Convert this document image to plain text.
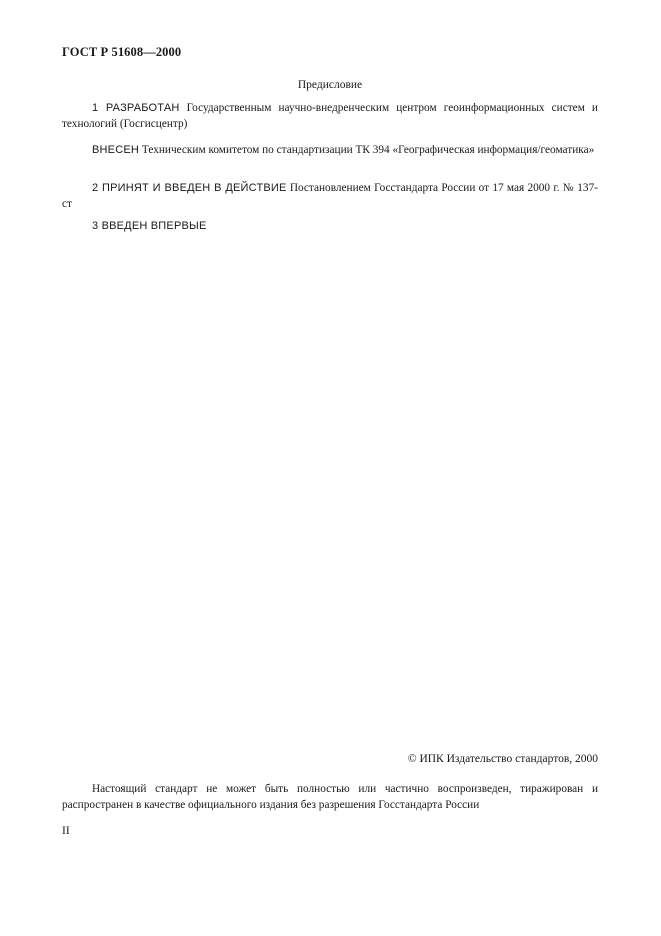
ГОСТ Р 51608—2000
Предисловие
1 РАЗРАБОТАН Государственным научно-внедренческим центром геоинформационных систем и технологий (Госгисцентр)
ВНЕСЕН Техническим комитетом по стандартизации ТК 394 «Географическая информация/геоматика»
2 ПРИНЯТ И ВВЕДЕН В ДЕЙСТВИЕ Постановлением Госстандарта России от 17 мая 2000 г. № 137-ст
3 ВВЕДЕН ВПЕРВЫЕ
© ИПК Издательство стандартов, 2000
Настоящий стандарт не может быть полностью или частично воспроизведен, тиражирован и распространен в качестве официального издания без разрешения Госстандарта России
II
